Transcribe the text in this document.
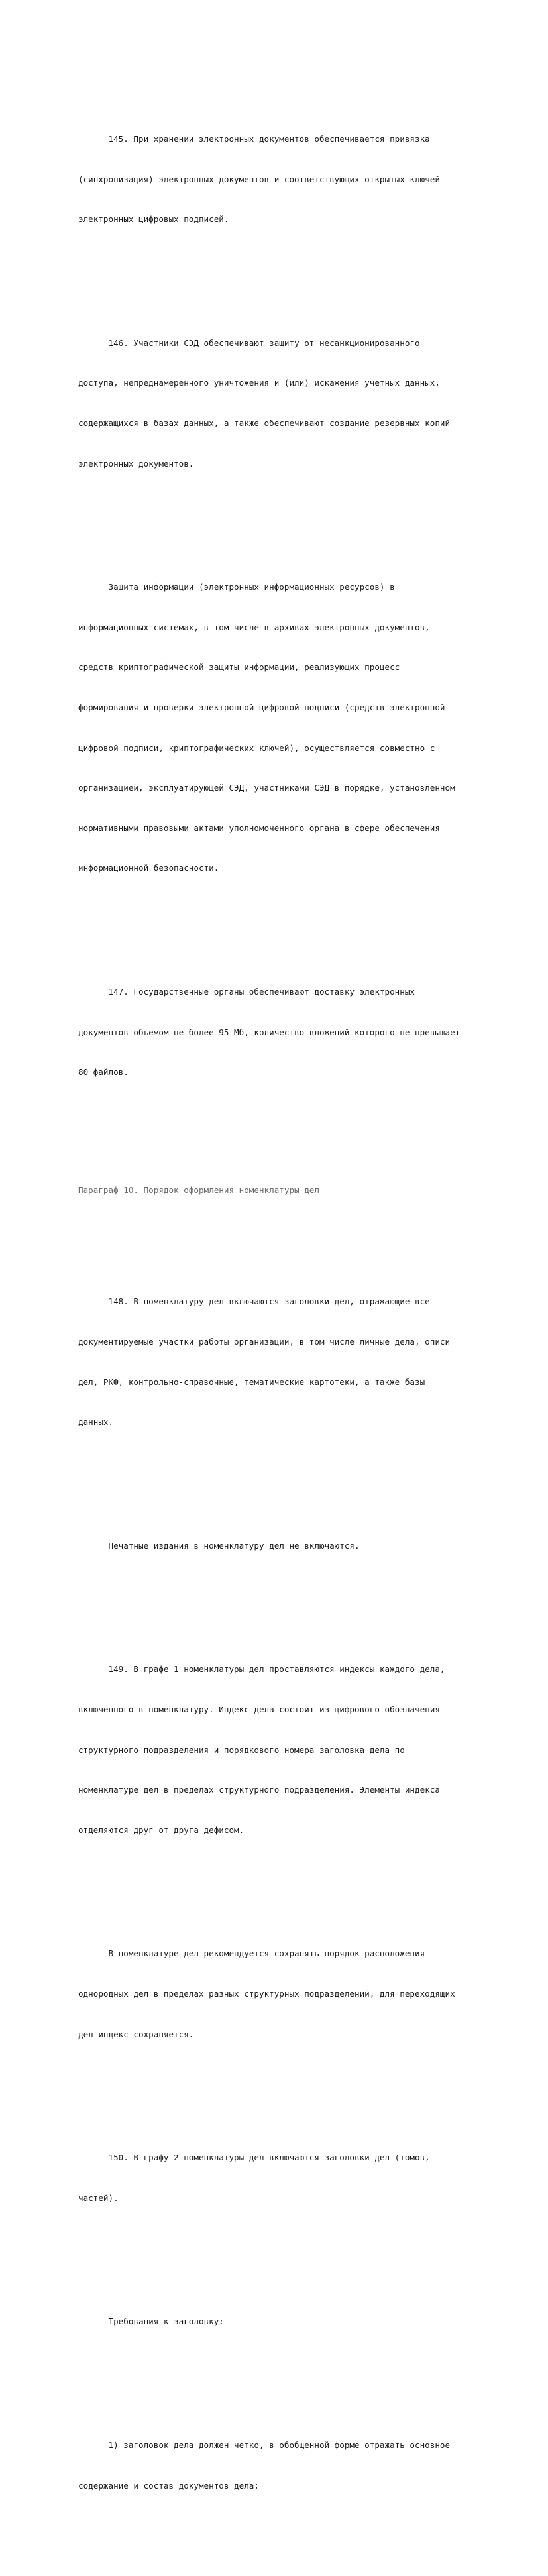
145. При хранении электронных документов обеспечивается привязка

(синхронизация) электронных документов и соответствующих открытых ключей

электронных цифровых подписей.

146. Участники СЭД обеспечивают защиту от несанкционированного

доступа, непреднамеренного уничтожения и (или) искажения учетных данных,

содержащихся в базах данных, а также обеспечивают создание резервных копий

электронных документов.

Защита информации (электронных информационных ресурсов) в

информационных системах, в том числе в архивах электронных документов,

средств криптографической защиты информации, реализующих процесс

формирования и проверки электронной цифровой подписи (средств электронной

цифровой подписи, криптографических ключей), осуществляется совместно с

организацией, эксплуатирующей СЭД, участниками СЭД в порядке, установленном

нормативными правовыми актами уполномоченного органа в сфере обеспечения

информационной безопасности.

147. Государственные органы обеспечивают доставку электронных

документов объемом не более 95 Мб, количество вложений которого не превышает

80 файлов.

Параграф 10. Порядок оформления номенклатуры дел

148. В номенклатуру дел включаются заголовки дел, отражающие все

документируемые участки работы организации, в том числе личные дела, описи

дел, РКФ, контрольно-справочные, тематические картотеки, а также базы

данных.

Печатные издания в номенклатуру дел не включаются.

149. В графе 1 номенклатуры дел проставляются индексы каждого дела,

включенного в номенклатуру. Индекс дела состоит из цифрового обозначения

структурного подразделения и порядкового номера заголовка дела по

номенклатуре дел в пределах структурного подразделения. Элементы индекса

отделяются друг от друга дефисом.

В номенклатуре дел рекомендуется сохранять порядок расположения

однородных дел в пределах разных структурных подразделений, для переходящих

дел индекс сохраняется.

150. В графу 2 номенклатуры дел включаются заголовки дел (томов,

частей).

Требования к заголовку:

1) заголовок дела должен четко, в обобщенной форме отражать основное

содержание и состав документов дела;
